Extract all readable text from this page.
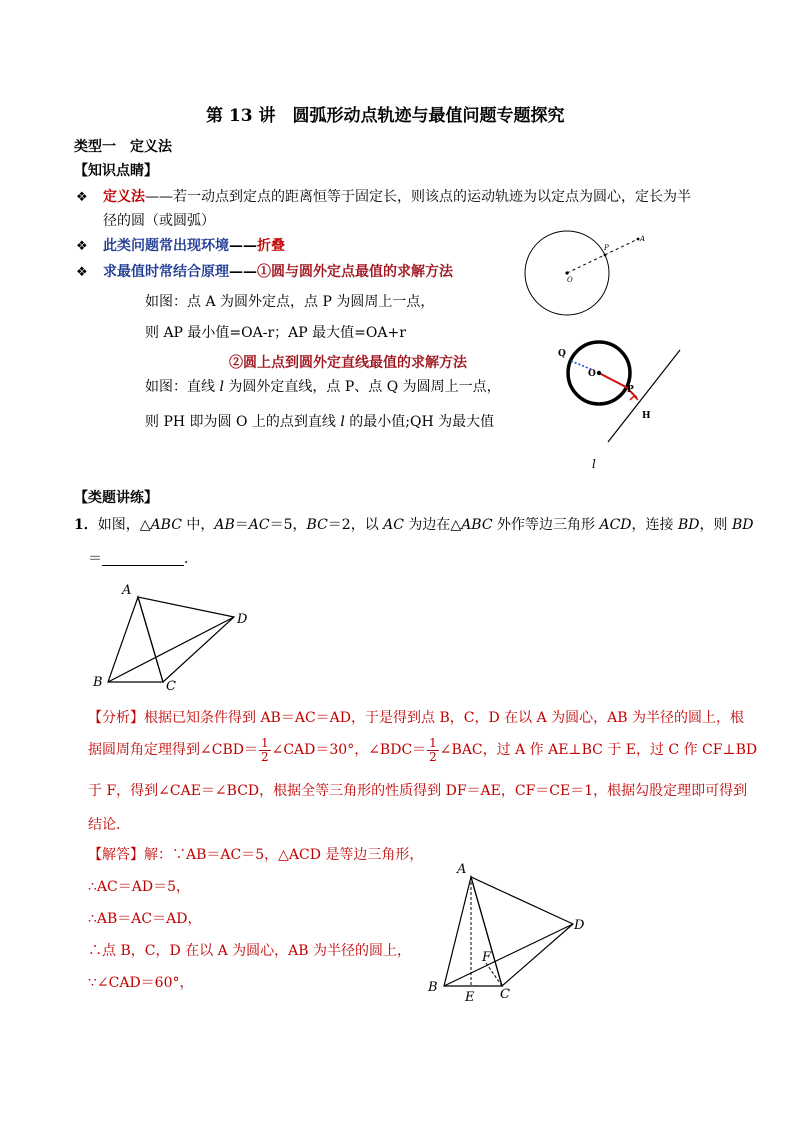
第 13 讲　圆弧形动点轨迹与最值问题专题探究
类型一　定义法
【知识点睛】
❖ 定义法——若一动点到定点的距离恒等于固定长，则该点的运动轨迹为以定点为圆心，定长为半
径的圆（或圆弧）
❖ 此类问题常出现环境——折叠
❖ 求最值时常结合原理——①圆与圆外定点最值的求解方法
如图：点 A 为圆外定点，点 P 为圆周上一点，
则 AP 最小值=OA-r；AP 最大值=OA+r
②圆上点到圆外定直线最值的求解方法
如图：直线 l 为圆外定直线，点 P、点 Q 为圆周上一点，
则 PH 即为圆 O 上的点到直线 l 的最小值;QH 为最大值
P
A
O
Q
O
P
H
l
【类题讲练】
1．如图，△ABC 中，AB＝AC＝5，BC＝2，以 AC 为边在△ABC 外作等边三角形 ACD，连接 BD，则 BD
＝	．
A
B	C
D
【分析】根据已知条件得到 AB＝AC＝AD，于是得到点 B，C，D 在以 A 为圆心，AB 为半径的圆上，根
据圆周角定理得到∠CBD＝ $\frac{1}{2}$ ∠CAD＝30°，∠BDC＝ $\frac{1}{2}$ ∠BAC，过 A 作 AE⊥BC 于 E，过 C 作 CF⊥BD
于 F，得到∠CAE＝∠BCD，根据全等三角形的性质得到 DF＝AE，CF＝CE＝1，根据勾股定理即可得到
结论．
【解答】解：∵AB＝AC＝5，△ACD 是等边三角形，
∴AC＝AD＝5，
∴AB＝AC＝AD，
∴点 B，C，D 在以 A 为圆心，AB 为半径的圆上，
∵∠CAD＝60°，
A
B	C
D
E
F
